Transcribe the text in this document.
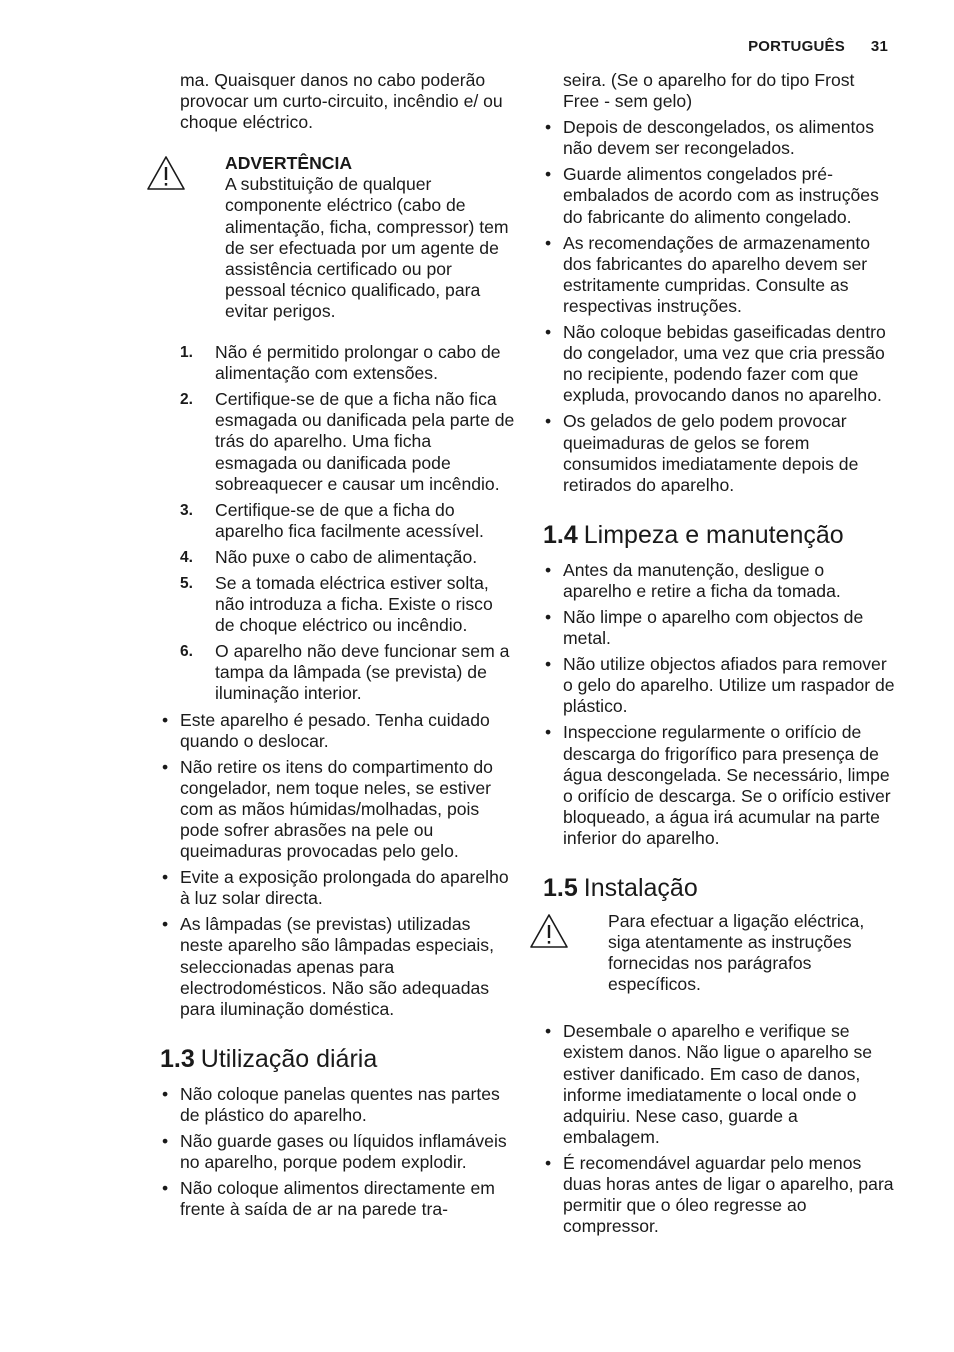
PORTUGUÊS 31

ma. Quaisquer danos no cabo poderão provocar um curto-circuito, incêndio e/ ou choque eléctrico.

ADVERTÊNCIA
A substituição de qualquer componente eléctrico (cabo de alimentação, ficha, compressor) tem de ser efectuada por um agente de assistência certificado ou por pessoal técnico qualificado, para evitar perigos.
1. Não é permitido prolongar o cabo de alimentação com extensões.
2. Certifique-se de que a ficha não fica esmagada ou danificada pela parte de trás do aparelho. Uma ficha esmagada ou danificada pode sobreaquecer e causar um incêndio.
3. Certifique-se de que a ficha do aparelho fica facilmente acessível.
4. Não puxe o cabo de alimentação.
5. Se a tomada eléctrica estiver solta, não introduza a ficha. Existe o risco de choque eléctrico ou incêndio.
6. O aparelho não deve funcionar sem a tampa da lâmpada (se prevista) de iluminação interior.
• Este aparelho é pesado. Tenha cuidado quando o deslocar.
• Não retire os itens do compartimento do congelador, nem toque neles, se estiver com as mãos húmidas/molhadas, pois pode sofrer abrasões na pele ou queimaduras provocadas pelo gelo.
• Evite a exposição prolongada do aparelho à luz solar directa.
• As lâmpadas (se previstas) utilizadas neste aparelho são lâmpadas especiais, seleccionadas apenas para electrodomésticos. Não são adequadas para iluminação doméstica.
1.3 Utilização diária
• Não coloque panelas quentes nas partes de plástico do aparelho.
• Não guarde gases ou líquidos inflamáveis no aparelho, porque podem explodir.
• Não coloque alimentos directamente em frente à saída de ar na parede tra-

seira. (Se o aparelho for do tipo Frost Free - sem gelo)

• Depois de descongelados, os alimentos não devem ser recongelados.
• Guarde alimentos congelados pré-embalados de acordo com as instruções do fabricante do alimento congelado.
• As recomendações de armazenamento dos fabricantes do aparelho devem ser estritamente cumpridas. Consulte as respectivas instruções.
• Não coloque bebidas gaseificadas dentro do congelador, uma vez que cria pressão no recipiente, podendo fazer com que expluda, provocando danos no aparelho.
• Os gelados de gelo podem provocar queimaduras de gelos se forem consumidos imediatamente depois de retirados do aparelho.
1.4 Limpeza e manutenção
• Antes da manutenção, desligue o aparelho e retire a ficha da tomada.
• Não limpe o aparelho com objectos de metal.
• Não utilize objectos afiados para remover o gelo do aparelho. Utilize um raspador de plástico.
• Inspeccione regularmente o orifício de descarga do frigorífico para presença de água descongelada. Se necessário, limpe o orifício de descarga. Se o orifício estiver bloqueado, a água irá acumular na parte inferior do aparelho.
1.5 Instalação
Para efectuar a ligação eléctrica, siga atentamente as instruções fornecidas nos parágrafos específicos.
• Desembale o aparelho e verifique se existem danos. Não ligue o aparelho se estiver danificado. Em caso de danos, informe imediatamente o local onde o adquiriu. Nese caso, guarde a embalagem.
• É recomendável aguardar pelo menos duas horas antes de ligar o aparelho, para permitir que o óleo regresse ao compressor.
